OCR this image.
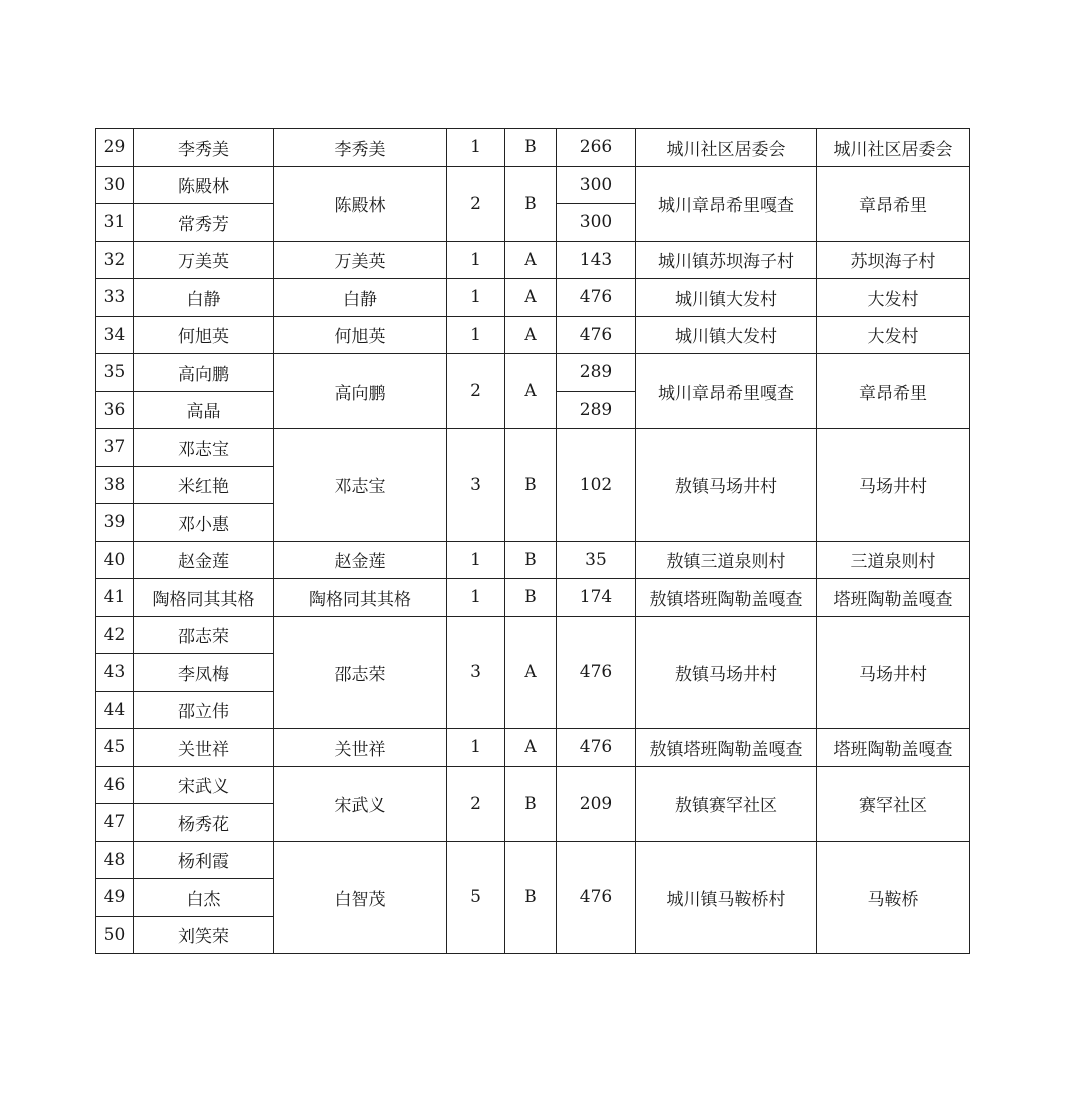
29	李秀美	李秀美	1	B	266	城川社区居委会	城川社区居委会
30	陈殿林	陈殿林	2	B	300	城川章昂希里嘎查	章昂希里
31	常秀芳				300		
32	万美英	万美英	1	A	143	城川镇苏坝海子村	苏坝海子村
33	白静	白静	1	A	476	城川镇大发村	大发村
34	何旭英	何旭英	1	A	476	城川镇大发村	大发村
35	高向鹏	高向鹏	2	A	289	城川章昂希里嘎查	章昂希里
36	高晶				289		
37	邓志宝	邓志宝	3	B	102	敖镇马场井村	马场井村
38	米红艳						
39	邓小惠						
40	赵金莲	赵金莲	1	B	35	敖镇三道泉则村	三道泉则村
41	陶格同其其格	陶格同其其格	1	B	174	敖镇塔班陶勒盖嘎查	塔班陶勒盖嘎查
42	邵志荣	邵志荣	3	A	476	敖镇马场井村	马场井村
43	李凤梅						
44	邵立伟						
45	关世祥	关世祥	1	A	476	敖镇塔班陶勒盖嘎查	塔班陶勒盖嘎查
46	宋武义	宋武义	2	B	209	敖镇赛罕社区	赛罕社区
47	杨秀花						
48	杨利霞	白智茂	5	B	476	城川镇马鞍桥村	马鞍桥
49	白杰						
50	刘笑荣						
